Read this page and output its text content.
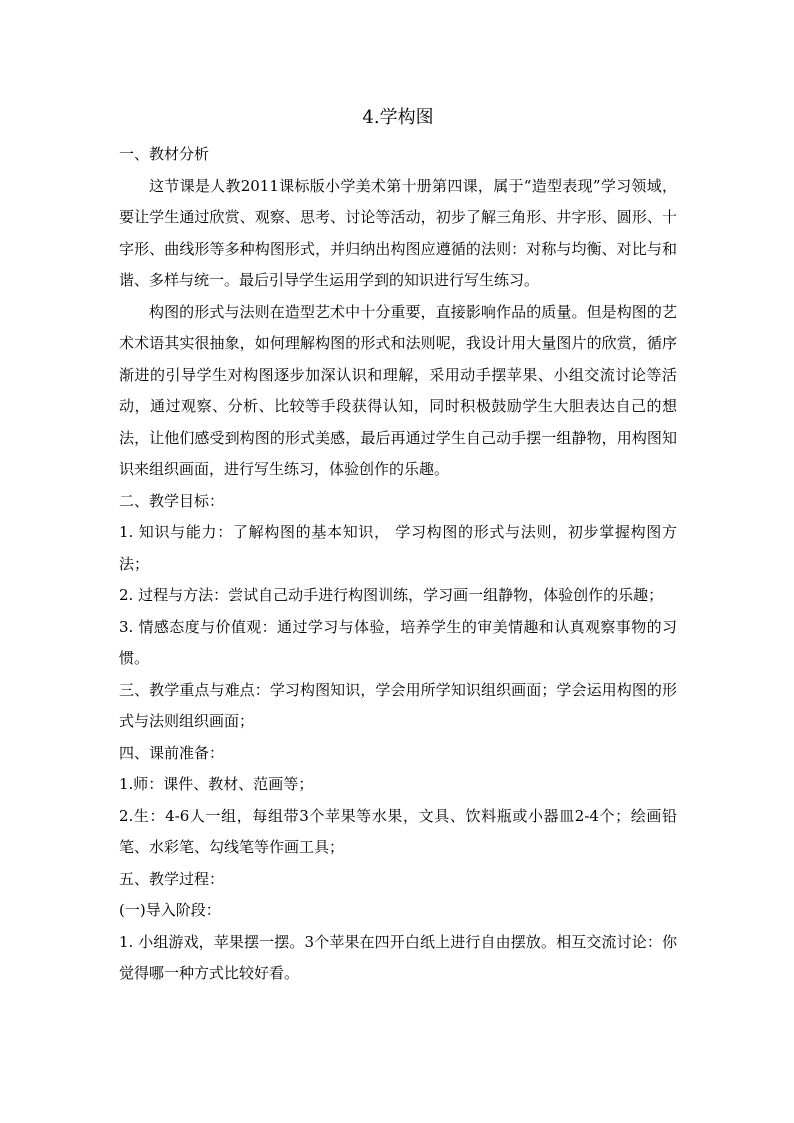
4.学构图

一、教材分析

这节课是人教2011课标版小学美术第十册第四课，属于“造型表现”学习领域，要让学生通过欣赏、观察、思考、讨论等活动，初步了解三角形、井字形、圆形、十字形、曲线形等多种构图形式，并归纳出构图应遵循的法则：对称与均衡、对比与和谐、多样与统一。最后引导学生运用学到的知识进行写生练习。

构图的形式与法则在造型艺术中十分重要，直接影响作品的质量。但是构图的艺术术语其实很抽象，如何理解构图的形式和法则呢，我设计用大量图片的欣赏，循序渐进的引导学生对构图逐步加深认识和理解，采用动手摆苹果、小组交流讨论等活动，通过观察、分析、比较等手段获得认知，同时积极鼓励学生大胆表达自己的想法，让他们感受到构图的形式美感，最后再通过学生自己动手摆一组静物，用构图知识来组织画面，进行写生练习，体验创作的乐趣。

二、教学目标：

1. 知识与能力：了解构图的基本知识， 学习构图的形式与法则，初步掌握构图方法；

2. 过程与方法：尝试自己动手进行构图训练，学习画一组静物，体验创作的乐趣；

3. 情感态度与价值观：通过学习与体验，培养学生的审美情趣和认真观察事物的习惯。

三、教学重点与难点：学习构图知识，学会用所学知识组织画面；学会运用构图的形式与法则组织画面；

四、课前准备：

1.师：课件、教材、范画等；

2.生：4-6人一组，每组带3个苹果等水果，文具、饮料瓶或小器皿2-4个；绘画铅笔、水彩笔、勾线笔等作画工具；

五、教学过程：

(一)导入阶段：

1. 小组游戏，苹果摆一摆。3个苹果在四开白纸上进行自由摆放。相互交流讨论：你觉得哪一种方式比较好看。
